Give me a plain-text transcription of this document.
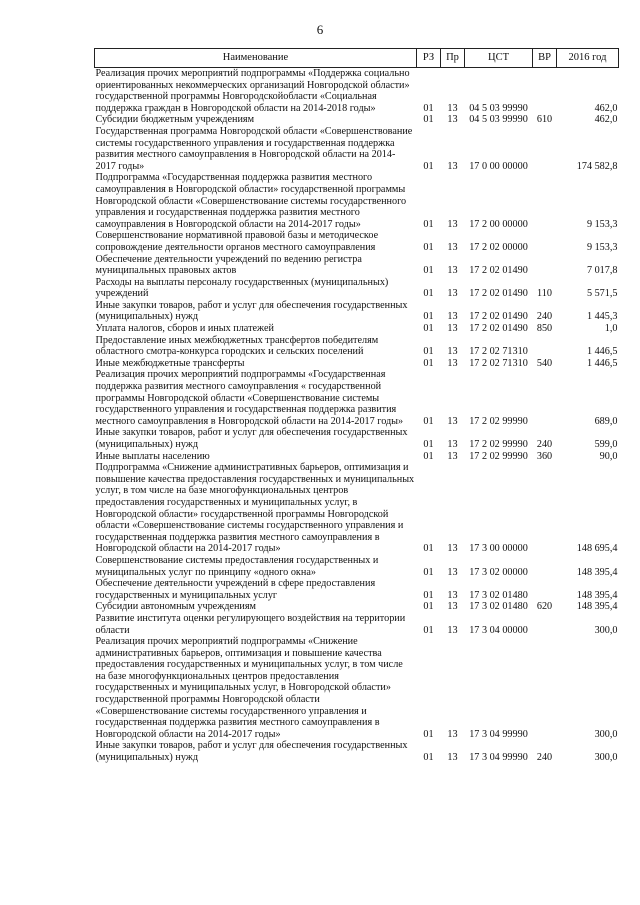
6
Наименование	РЗ	Пр	ЦСТ	ВР	2016 год
Реализация прочих мероприятий подпрограммы «Поддержка социально ориентированных некоммерческих организаций Новгородской области» государственной программы Новгородскойобласти «Социальная поддержка граждан в Новгородской области на 2014-2018 годы»	01	13	04 5 03 99990		462,0
Субсидии бюджетным учреждениям	01	13	04 5 03 99990	610	462,0
Государственная программа Новгородской области «Совершенствование системы государственного управления и государственная поддержка развития местного самоуправления в Новгородской области на 2014-2017 годы»	01	13	17 0 00 00000		174 582,8
Подпрограмма «Государственная поддержка развития местного самоуправления в Новгородской области» государственной программы Новгородской области «Совершенствование системы государственного управления и государственная поддержка развития местного самоуправления в Новгородской области на 2014-2017 годы»	01	13	17 2 00 00000		9 153,3
Совершенствование нормативной правовой базы и методическое сопровождение деятельности органов местного самоуправления	01	13	17 2 02 00000		9 153,3
Обеспечение деятельности учреждений по ведению регистра муниципальных правовых актов	01	13	17 2 02 01490		7 017,8
Расходы на выплаты персоналу государственных (муниципальных) учреждений	01	13	17 2 02 01490	110	5 571,5
Иные закупки товаров, работ и услуг для обеспечения государственных (муниципальных) нужд	01	13	17 2 02 01490	240	1 445,3
Уплата налогов, сборов и иных платежей	01	13	17 2 02 01490	850	1,0
Предоставление иных межбюджетных трансфертов победителям областного смотра-конкурса городских и сельских поселений	01	13	17 2 02 71310		1 446,5
Иные межбюджетные трансферты	01	13	17 2 02 71310	540	1 446,5
Реализация прочих мероприятий подпрограммы «Государственная поддержка развития местного самоуправления « государственной программы Новгородской области «Совершенствование системы государственного управления и государственная поддержка развития местного самоуправления в Новгородской области на 2014-2017 годы»	01	13	17 2 02 99990		689,0
Иные закупки товаров, работ и услуг для обеспечения государственных (муниципальных) нужд	01	13	17 2 02 99990	240	599,0
Иные выплаты населению	01	13	17 2 02 99990	360	90,0
Подпрограмма «Снижение административных барьеров, оптимизация и повышение качества предоставления государственных и муниципальных услуг, в том числе на базе многофункциональных центров предоставления государственных и муниципальных услуг, в Новгородской области» государственной программы Новгородской области «Совершенствование системы государственного управления и государственная поддержка развития местного самоуправления в Новгородской области на 2014-2017 годы»	01	13	17 3 00 00000		148 695,4
Совершенствование системы предоставления государственных и муниципальных услуг по принципу «одного окна»	01	13	17 3 02 00000		148 395,4
Обеспечение деятельности учреждений в сфере предоставления государственных и муниципальных услуг	01	13	17 3 02 01480		148 395,4
Субсидии автономным учреждениям	01	13	17 3 02 01480	620	148 395,4
Развитие института оценки регулирующего воздействия на территории области	01	13	17 3 04 00000		300,0
Реализация прочих мероприятий подпрограммы «Снижение административных барьеров, оптимизация и повышение качества предоставления государственных и муниципальных услуг, в том числе на базе многофункциональных центров предоставления государственных и муниципальных услуг, в Новгородской области» государственной программы Новгородской области «Совершенствование системы государственного управления и государственная поддержка развития местного самоуправления в Новгородской области на 2014-2017 годы»	01	13	17 3 04 99990		300,0
Иные закупки товаров, работ и услуг для обеспечения государственных (муниципальных) нужд	01	13	17 3 04 99990	240	300,0
